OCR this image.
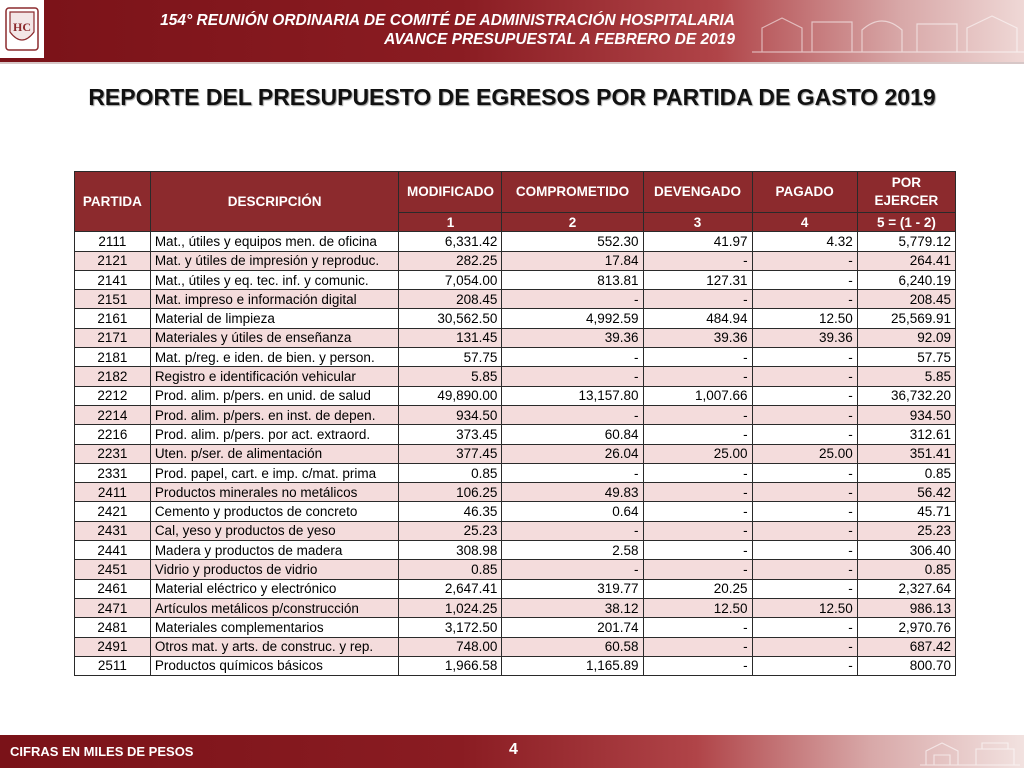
HC	154° REUNIÓN ORDINARIA DE COMITÉ DE ADMINISTRACIÓN HOSPITALARIA
AVANCE PRESUPUESTAL A FEBRERO DE 2019
REPORTE DEL PRESUPUESTO DE EGRESOS POR PARTIDA DE GASTO 2019
PARTIDA	DESCRIPCIÓN	MODIFICADO	COMPROMETIDO	DEVENGADO	PAGADO	POR
EJERCER

		1	2	3	4	5 = (1 - 2)
2111	Mat., útiles y equipos men. de oficina	6,331.42	552.30	41.97	4.32	5,779.12
2121	Mat. y útiles de impresión y reproduc.	282.25	17.84	-	-	264.41
2141	Mat., útiles y eq. tec. inf. y comunic.	7,054.00	813.81	127.31	-	6,240.19
2151	Mat. impreso e información digital	208.45	-	-	-	208.45
2161	Material de limpieza	30,562.50	4,992.59	484.94	12.50	25,569.91
2171	Materiales y útiles de enseñanza	131.45	39.36	39.36	39.36	92.09
2181	Mat. p/reg. e iden. de bien. y person.	57.75	-	-	-	57.75
2182	Registro e identificación vehicular	5.85	-	-	-	5.85
2212	Prod. alim. p/pers. en unid. de salud	49,890.00	13,157.80	1,007.66	-	36,732.20
2214	Prod. alim. p/pers. en inst. de depen.	934.50	-	-	-	934.50
2216	Prod. alim. p/pers. por act. extraord.	373.45	60.84	-	-	312.61
2231	Uten. p/ser. de alimentación	377.45	26.04	25.00	25.00	351.41
2331	Prod. papel, cart. e imp. c/mat. prima	0.85	-	-	-	0.85
2411	Productos minerales no metálicos	106.25	49.83	-	-	56.42
2421	Cemento y productos de concreto	46.35	0.64	-	-	45.71
2431	Cal, yeso y productos de yeso	25.23	-	-	-	25.23
2441	Madera y productos de madera	308.98	2.58	-	-	306.40
2451	Vidrio y productos de vidrio	0.85	-	-	-	0.85
2461	Material eléctrico y electrónico	2,647.41	319.77	20.25	-	2,327.64
2471	Artículos metálicos p/construcción	1,024.25	38.12	12.50	12.50	986.13
2481	Materiales complementarios	3,172.50	201.74	-	-	2,970.76
2491	Otros mat. y arts. de construc. y rep.	748.00	60.58	-	-	687.42
2511	Productos químicos básicos	1,966.58	1,165.89	-	-	800.70
CIFRAS EN MILES DE PESOS	4
